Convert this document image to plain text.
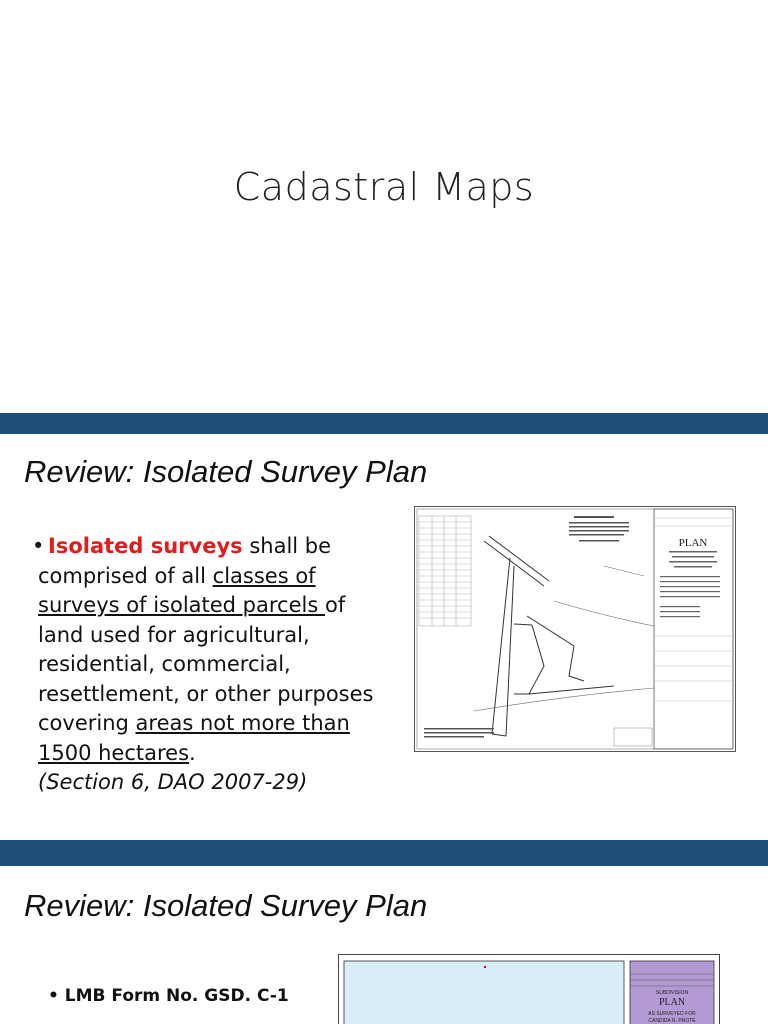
Cadastral Maps
Review: Isolated Survey Plan
• Isolated surveys shall be comprised of all classes of surveys of isolated parcels of land used for agricultural, residential, commercial, resettlement, or other purposes covering areas not more than 1500 hectares.
(Section 6, DAO 2007-29)
PLAN
Review: Isolated Survey Plan
• LMB Form No. GSD. C-1	SUBDIVISION
PLAN
AS SURVEYED FOR
CANDIDA R. PROTE
